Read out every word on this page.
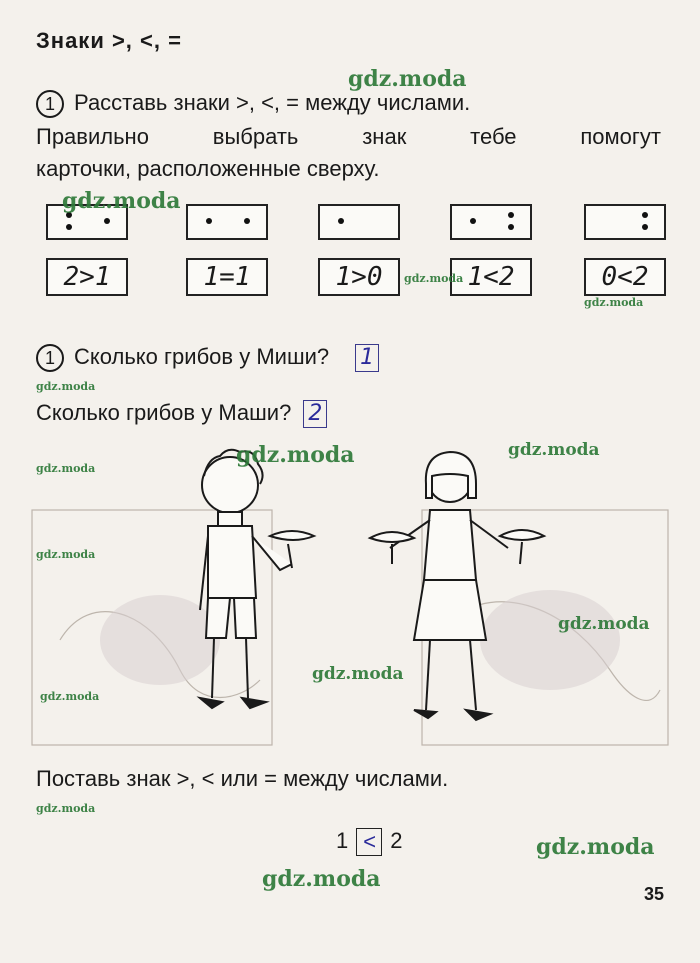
Знаки >, <, =
1 Расставь знаки >, <, = между числами.
Правильно	выбрать	знак	тебе	помогут
карточки, расположенные сверху.
2>1	1=1	1>0	1<2	0<2
1 Сколько грибов у Миши? 1
Сколько грибов у Маши? 2
Поставь знак >, < или = между числами.
1 < 2
35
gdz.moda
gdz.moda
gdz.moda
gdz.moda
gdz.moda
gdz.moda	gdz.moda
gdz.moda
gdz.moda
gdz.moda
gdz.moda
gdz.moda
gdz.moda
gdz.moda
gdz.moda
